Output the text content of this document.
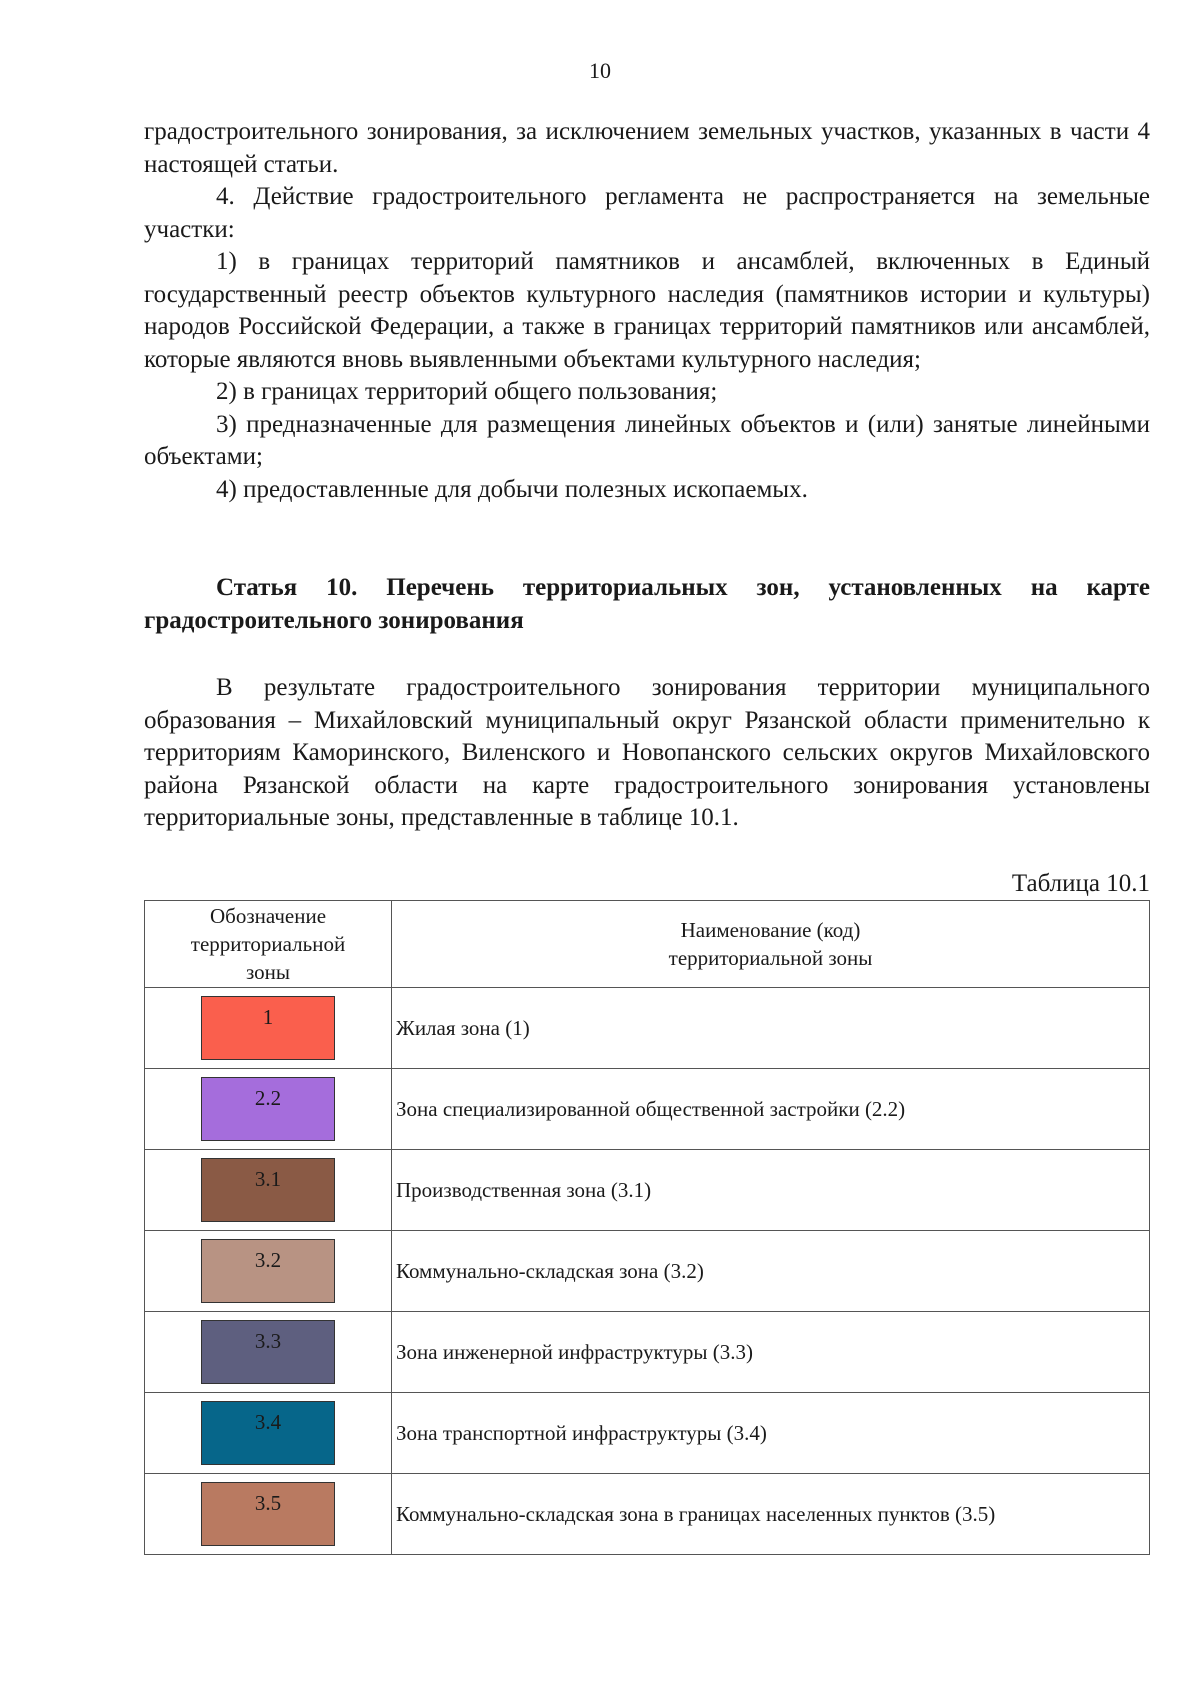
10

градостроительного зонирования, за исключением земельных участков, указанных в части 4 настоящей статьи.

4. Действие градостроительного регламента не распространяется на земельные участки:

1) в границах территорий памятников и ансамблей, включенных в Единый государственный реестр объектов культурного наследия (памятников истории и культуры) народов Российской Федерации, а также в границах территорий памятников или ансамблей, которые являются вновь выявленными объектами культурного наследия;

2) в границах территорий общего пользования;

3) предназначенные для размещения линейных объектов и (или) занятые линейными объектами;

4) предоставленные для добычи полезных ископаемых.

Статья 10. Перечень территориальных зон, установленных на карте градостроительного зонирования

В результате градостроительного зонирования территории муниципального образования – Михайловский муниципальный округ Рязанской области применительно к территориям Каморинского, Виленского и Новопанского сельских округов Михайловского района Рязанской области на карте градостроительного зонирования установлены территориальные зоны, представленные в таблице 10.1.

Таблица 10.1
Обозначение территориальной зоны	Наименование (код) территориальной зоны

1	Жилая зона (1)
2.2	Зона специализированной общественной застройки (2.2)
3.1	Производственная зона (3.1)
3.2	Коммунально-складская зона (3.2)
3.3	Зона инженерной инфраструктуры (3.3)
3.4	Зона транспортной инфраструктуры (3.4)
3.5	Коммунально-складская зона в границах населенных пунктов (3.5)
